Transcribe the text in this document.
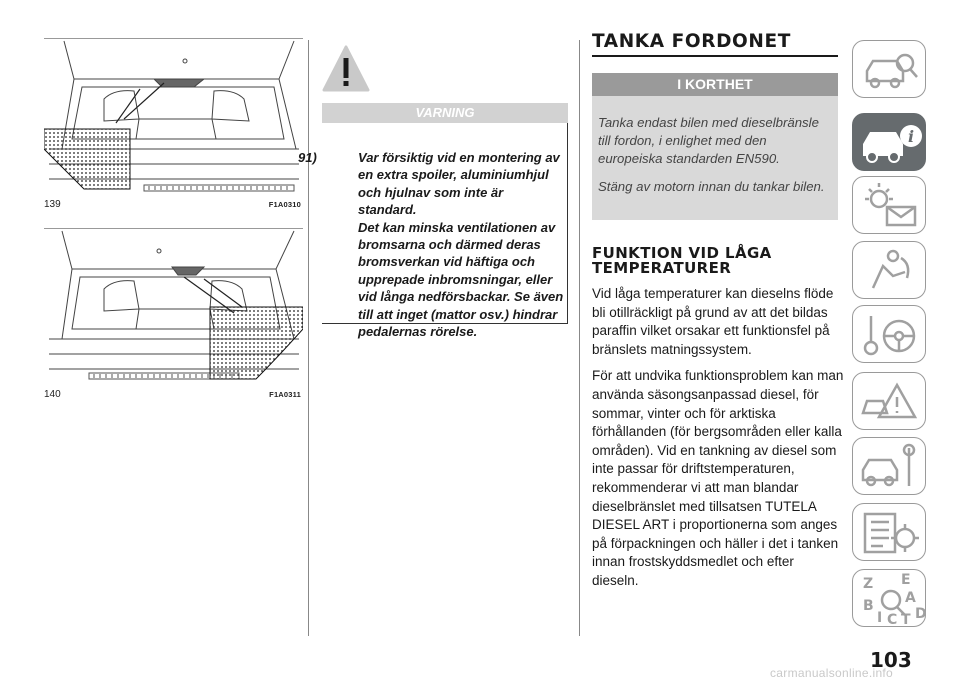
139	F1A0310
140	F1A0311
VARNING
91)	Var försiktig vid en montering av
en extra spoiler, aluminiumhjul
och hjulnav som inte är standard.
Det kan minska ventilationen av
bromsarna och därmed deras
bromsverkan vid häftiga och
upprepade inbromsningar, eller
vid långa nedförsbackar. Se även
till att inget (mattor osv.) hindrar
pedalernas rörelse.
TANKA FORDONET
I KORTHET

Tanka endast bilen med dieselbränsle till fordon, i enlighet med den europeiska standarden EN590.

Stäng av motorn innan du tankar bilen.

FUNKTION VID LÅGA
TEMPERATURER

Vid låga temperaturer kan dieselns flöde bli otillräckligt på grund av att det bildas paraffin vilket orsakar ett funktionsfel på bränslets matningssystem.

För att undvika funktionsproblem kan man använda säsongsanpassad diesel, för sommar, vinter och för arktiska förhållanden (för bergsområden eller kalla områden). Vid en tankning av diesel som inte passar för driftstemperaturen, rekommenderar vi att man blandar dieselbränslet med tillsatsen TUTELA DIESEL ART i proportionerna som anges på förpackningen och häller i det i tanken innan frostskyddsmedlet och efter dieseln.

i
Z E
B A
I C T D
103
carmanualsonline.info
